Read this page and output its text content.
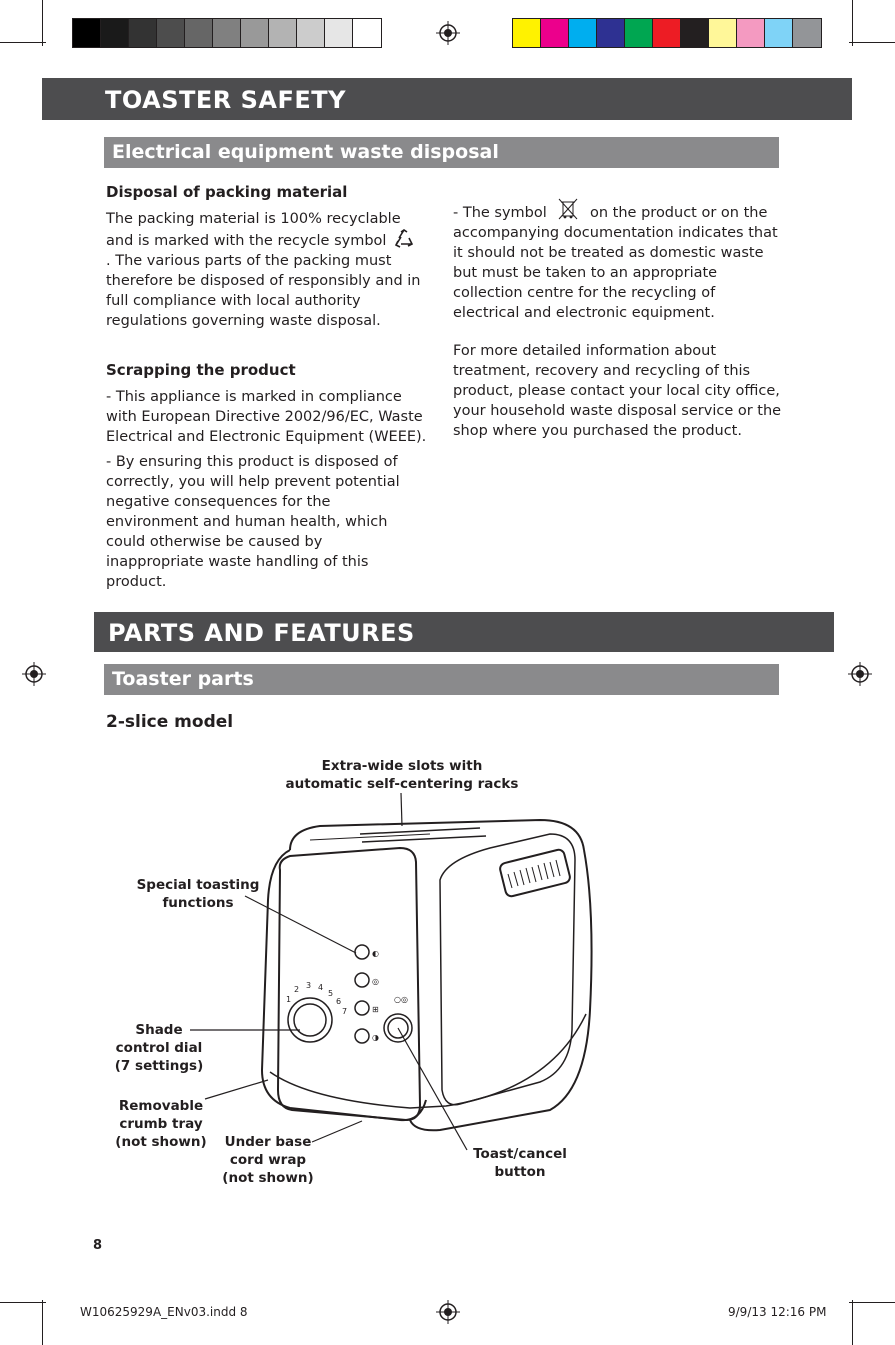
TOASTER SAFETY
Electrical equipment waste disposal
Disposal of packing material
The packing material is 100% recyclable and is marked with the recycle symbol  . The various parts of the packing must therefore be disposed of responsibly and in full compliance with local authority regulations governing waste disposal.
Scrapping the product

- This appliance is marked in compliance with European Directive 2002/96/EC, Waste Electrical and Electronic Equipment (WEEE).

- By ensuring this product is disposed of correctly, you will help prevent potential negative consequences for the environment and human health, which could otherwise be caused by inappropriate waste handling of this product.

- The symbol	on the product or on the accompanying documentation indicates that it should not be treated as domestic waste but must be taken to an appropriate collection centre for the recycling of electrical and electronic equipment.

For more detailed information about treatment, recovery and recycling of this product, please contact your local city office, your household waste disposal service or the shop where you purchased the product.

PARTS AND FEATURES
Toaster parts
2-slice model
1
2 3 4
5
6
7
◐
◎
⊞
◑
○◎
Extra-wide slots with automatic self-centering racks
Special toasting functions
Shade control dial (7 settings)
Removable crumb tray (not shown) Under base cord wrap (not shown)
Toast/cancel button
8
W10625929A_ENv03.indd 8	9/9/13 12:16 PM
